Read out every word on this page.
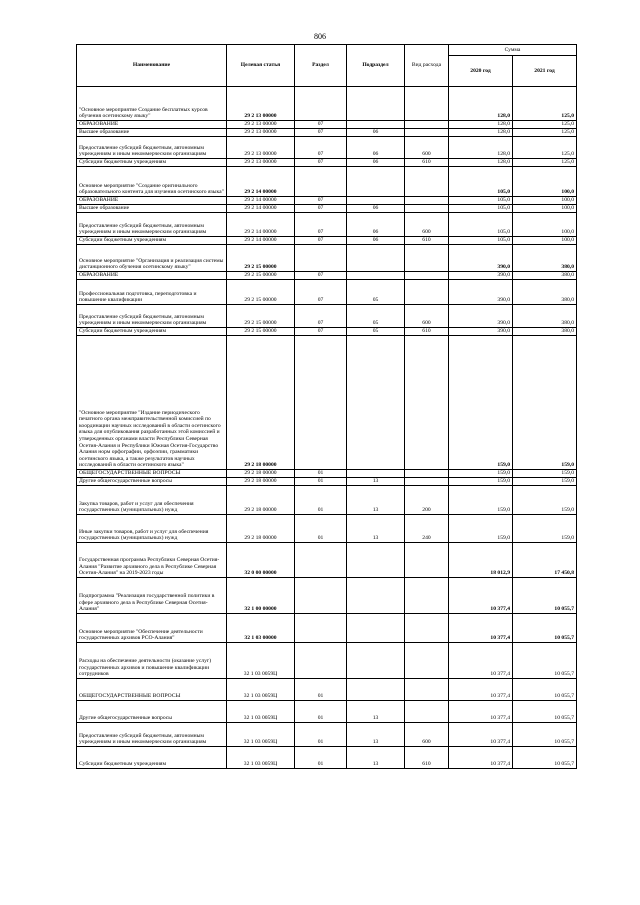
806
Наименование	Целевая статья	Раздел	Подраздел	Вид расхода	Сумма	
					2020 год	2021 год
"Основное мероприятие Создание бесплатных курсов обучения осетинскому языку"	29 2 13 00000				128,0	125,0
ОБРАЗОВАНИЕ	29 2 13 00000	07			128,0	125,0
Высшее образование	29 2 13 00000	07	06		128,0	125,0
Предоставление субсидий бюджетным, автономным учреждениям и иным некоммерческим организациям	29 2 13 00000	07	06	600	128,0	125,0
Субсидии бюджетным учреждениям	29 2 13 00000	07	06	610	128,0	125,0
Основное мероприятие "Создание оригинального образовательного контента для изучения осетинского языка"	29 2 14 00000				105,0	100,0
ОБРАЗОВАНИЕ	29 2 14 00000	07			105,0	100,0
Высшее образование	29 2 14 00000	07	06		105,0	100,0
Предоставление субсидий бюджетным, автономным учреждениям и иным некоммерческим организациям	29 2 14 00000	07	06	600	105,0	100,0
Субсидии бюджетным учреждениям	29 2 14 00000	07	06	610	105,0	100,0
Основное мероприятие "Организация и реализация системы дистанционного обучения осетинскому языку"	29 2 15 00000				390,0	380,0
ОБРАЗОВАНИЕ	29 2 15 00000	07			390,0	380,0
Профессиональная подготовка, переподготовка и повышение квалификации	29 2 15 00000	07	05		390,0	380,0
Предоставление субсидий бюджетным, автономным учреждениям и иным некоммерческим организациям	29 2 15 00000	07	05	600	390,0	380,0
Субсидии бюджетным учреждениям	29 2 15 00000	07	05	610	390,0	380,0
"Основное мероприятие "Издание периодического печатного органа межправительственной комиссией по координации научных исследований в области осетинского языка для опубликования разработанных этой комиссией и утвержденных органами власти Республики Северная Осетия-Алания и Республики Южная Осетия-Государство Алания норм орфографии, орфоэпии, грамматики осетинского языка, а также результатов научных исследований в области осетинского языка"	29 2 18 00000				159,0	159,0
ОБЩЕГОСУДАРСТВЕННЫЕ ВОПРОСЫ	29 2 18 00000	01			159,0	159,0
Другие общегосударственные вопросы	29 2 18 00000	01	13		159,0	159,0
Закупка товаров, работ и услуг для обеспечения государственных (муниципальных) нужд	29 2 18 00000	01	13	200	159,0	159,0
Иные закупки товаров, работ и услуг для обеспечения государственных (муниципальных) нужд	29 2 18 00000	01	13	240	159,0	159,0
Государственная программа Республики Северная Осетия-Алания "Развитие архивного дела в Республике Северная Осетия-Алания" на 2019-2023 годы	32 0 00 00000				18 012,9	17 450,8
Подпрограмма "Реализация государственной политики в сфере архивного дела в Республике Северная Осетия-Алания"	32 1 00 00000				10 377,4	10 055,7
Основное мероприятие "Обеспечение деятельности государственных архивов РСО-Алания"	32 1 03 00000				10 377,4	10 055,7
Расходы на обеспечение деятельности (оказание услуг) государственных архивов и повышение квалификации сотрудников	32 1 03 0059Ц				10 377,4	10 055,7
ОБЩЕГОСУДАРСТВЕННЫЕ ВОПРОСЫ	32 1 03 0059Ц	01			10 377,4	10 055,7
Другие общегосударственные вопросы	32 1 03 0059Ц	01	13		10 377,4	10 055,7
Предоставление субсидий бюджетным, автономным учреждениям и иным некоммерческим организациям	32 1 03 0059Ц	01	13	600	10 377,4	10 055,7
Субсидии бюджетным учреждениям	32 1 03 0059Ц	01	13	610	10 377,4	10 055,7
